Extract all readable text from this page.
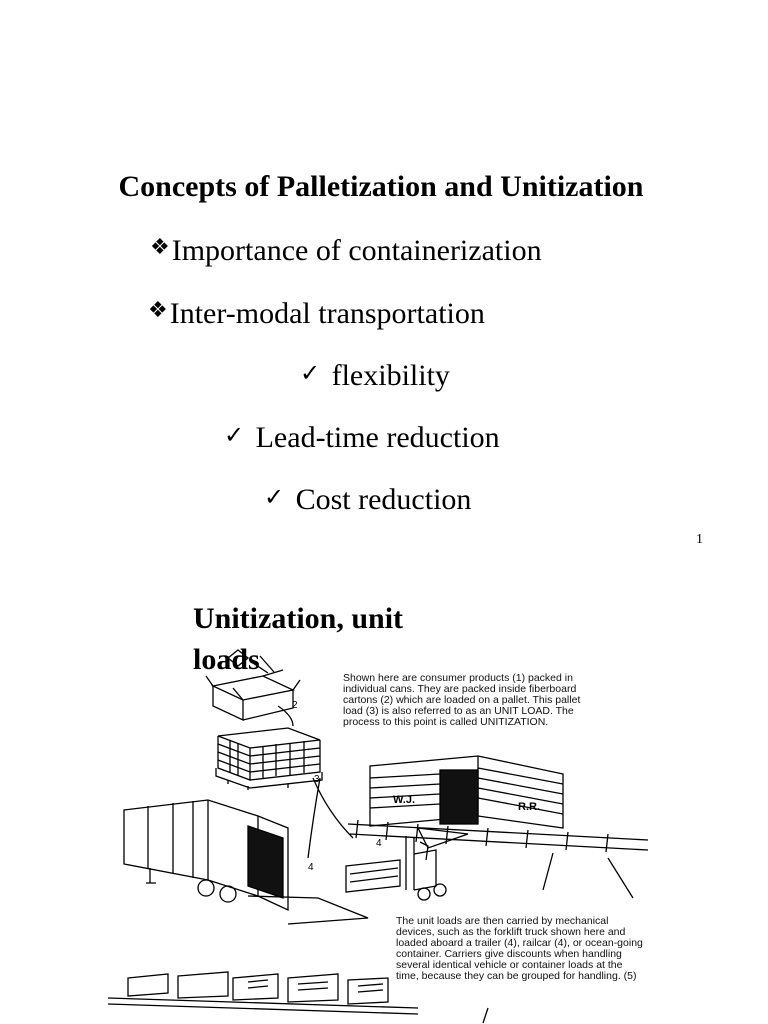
Concepts of Palletization and Unitization
❖Importance of containerization
❖Inter-modal transportation
✓ flexibility
✓ Lead-time reduction
✓ Cost reduction
1
W.J.
R.R.
2
3
4
4
Unitization, unit loads
Shown here are consumer products (1) packed in individual cans. They are packed inside fiberboard cartons (2) which are loaded on a pallet. This pallet load (3) is also referred to as an UNIT LOAD. The process to this point is called UNITIZATION.
The unit loads are then carried by mechanical devices, such as the forklift truck shown here and loaded aboard a trailer (4), railcar (4), or ocean-going container. Carriers give discounts when handling several identical vehicle or container loads at the time, because they can be grouped for handling. (5)
